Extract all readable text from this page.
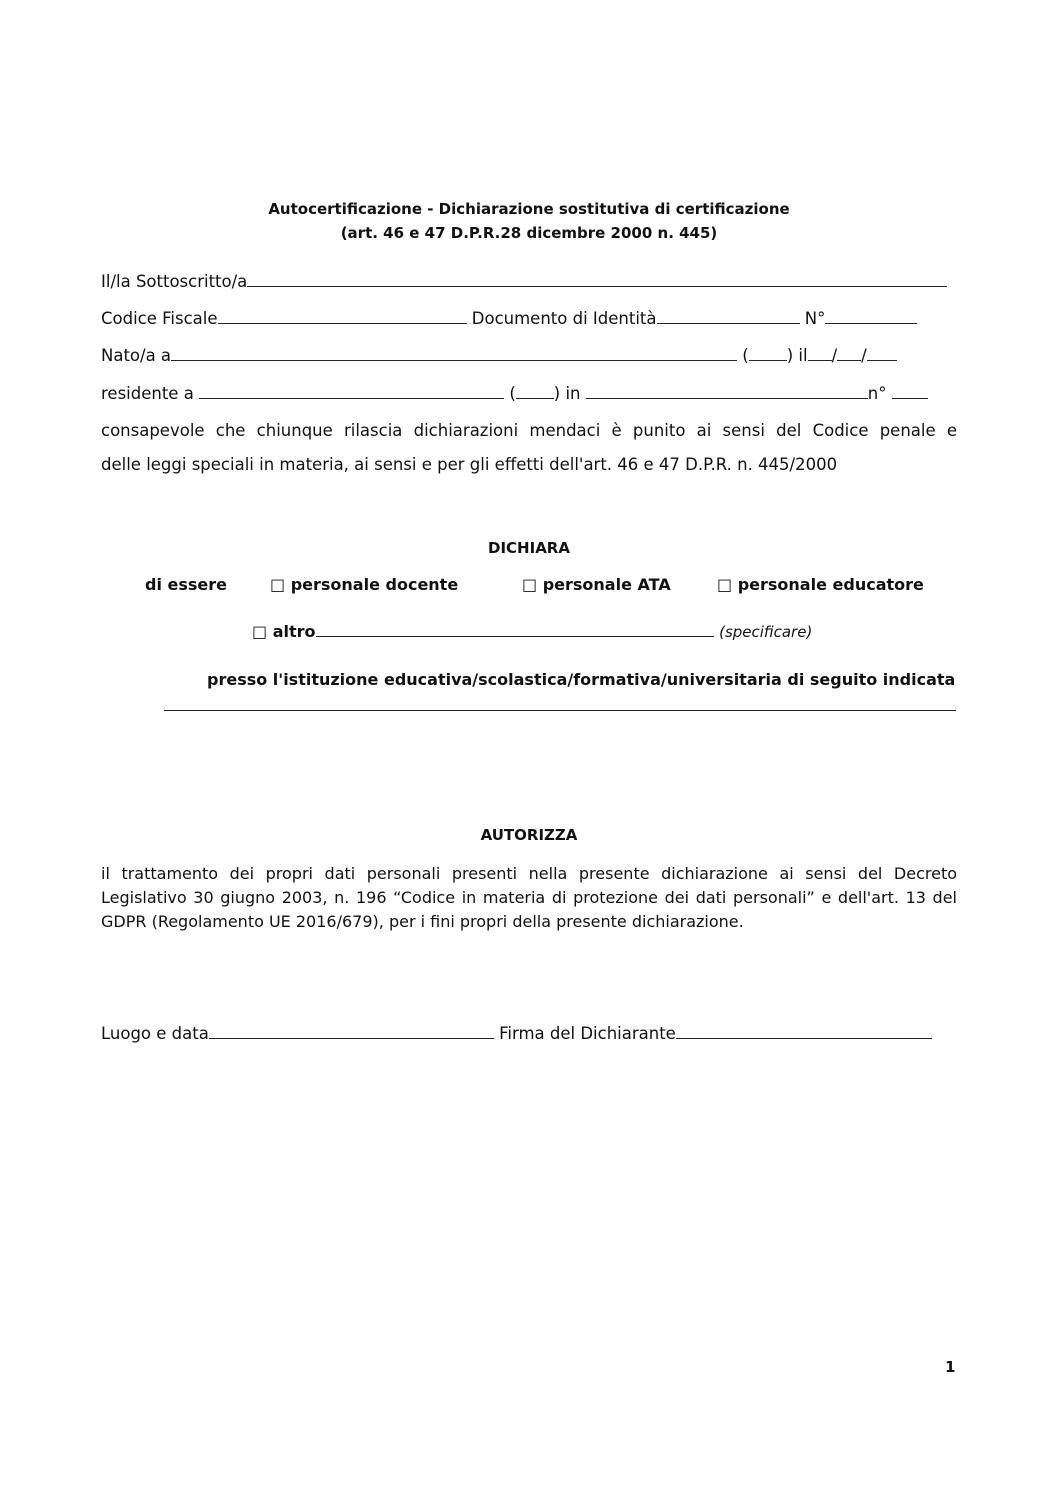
Autocertificazione - Dichiarazione sostitutiva di certificazione
(art. 46 e 47 D.P.R.28 dicembre 2000 n. 445)
Il/la Sottoscritto/a
Codice Fiscale	Documento di Identità	N°
Nato/a a	( ) il / /
residente a	( ) in	n°
consapevole che chiunque rilascia dichiarazioni mendaci è punito ai sensi del Codice penale e
delle leggi speciali in materia, ai sensi e per gli effetti dell'art. 46 e 47 D.P.R. n. 445/2000
DICHIARA
di essere	□ personale docente	□ personale ATA	□ personale educatore
□ altro	(specificare)
presso l'istituzione educativa/scolastica/formativa/universitaria di seguito indicata
AUTORIZZA
il trattamento dei propri dati personali presenti nella presente dichiarazione ai sensi del Decreto Legislativo 30 giugno 2003, n. 196 “Codice in materia di protezione dei dati personali” e dell'art. 13 del GDPR (Regolamento UE 2016/679), per i fini propri della presente dichiarazione.
Luogo e data	Firma del Dichiarante
1
